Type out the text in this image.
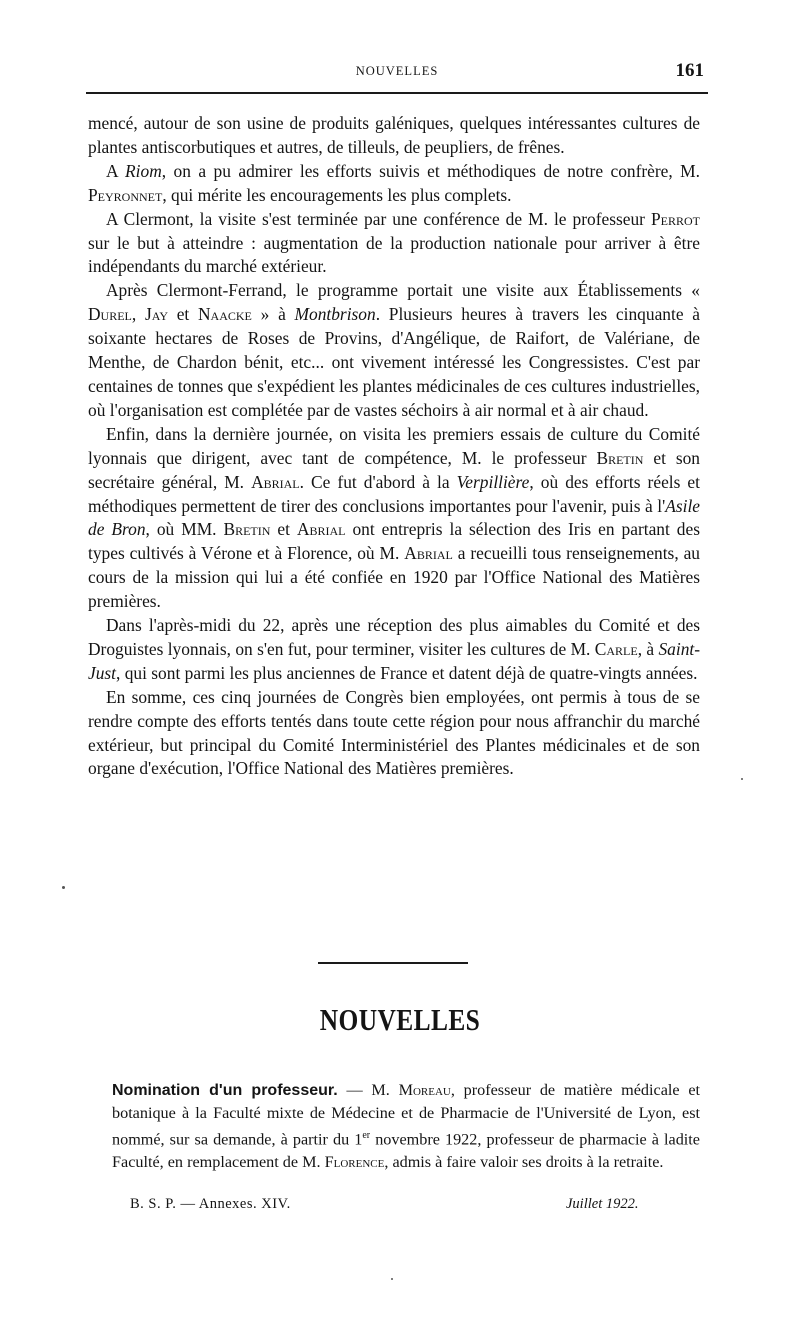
NOUVELLES	161

mencé, autour de son usine de produits galéniques, quelques intéressantes cultures de plantes antiscorbutiques et autres, de tilleuls, de peupliers, de frênes.

A Riom, on a pu admirer les efforts suivis et méthodiques de notre confrère, M. Peyronnet, qui mérite les encouragements les plus complets.

A Clermont, la visite s'est terminée par une conférence de M. le professeur Perrot sur le but à atteindre : augmentation de la production nationale pour arriver à être indépendants du marché extérieur.

Après Clermont-Ferrand, le programme portait une visite aux Établissements « Durel, Jay et Naacke » à Montbrison. Plusieurs heures à travers les cinquante à soixante hectares de Roses de Provins, d'Angélique, de Raifort, de Valériane, de Menthe, de Chardon bénit, etc... ont vivement intéressé les Congressistes. C'est par centaines de tonnes que s'expédient les plantes médicinales de ces cultures industrielles, où l'organisation est complétée par de vastes séchoirs à air normal et à air chaud.

Enfin, dans la dernière journée, on visita les premiers essais de culture du Comité lyonnais que dirigent, avec tant de compétence, M. le professeur Bretin et son secrétaire général, M. Abrial. Ce fut d'abord à la Verpillière, où des efforts réels et méthodiques permettent de tirer des conclusions importantes pour l'avenir, puis à l'Asile de Bron, où MM. Bretin et Abrial ont entrepris la sélection des Iris en partant des types cultivés à Vérone et à Florence, où M. Abrial a recueilli tous renseignements, au cours de la mission qui lui a été confiée en 1920 par l'Office National des Matières premières.

Dans l'après-midi du 22, après une réception des plus aimables du Comité et des Droguistes lyonnais, on s'en fut, pour terminer, visiter les cultures de M. Carle, à Saint-Just, qui sont parmi les plus anciennes de France et datent déjà de quatre-vingts années.

En somme, ces cinq journées de Congrès bien employées, ont permis à tous de se rendre compte des efforts tentés dans toute cette région pour nous affranchir du marché extérieur, but principal du Comité Interministériel des Plantes médicinales et de son organe d'exécution, l'Office National des Matières premières.

NOUVELLES

Nomination d'un professeur. — M. Moreau, professeur de matière médicale et botanique à la Faculté mixte de Médecine et de Pharmacie de l'Université de Lyon, est nommé, sur sa demande, à partir du 1er novembre 1922, professeur de pharmacie à ladite Faculté, en remplacement de M. Florence, admis à faire valoir ses droits à la retraite.

B. S. P. — Annexes. XIV.	Juillet 1922.
